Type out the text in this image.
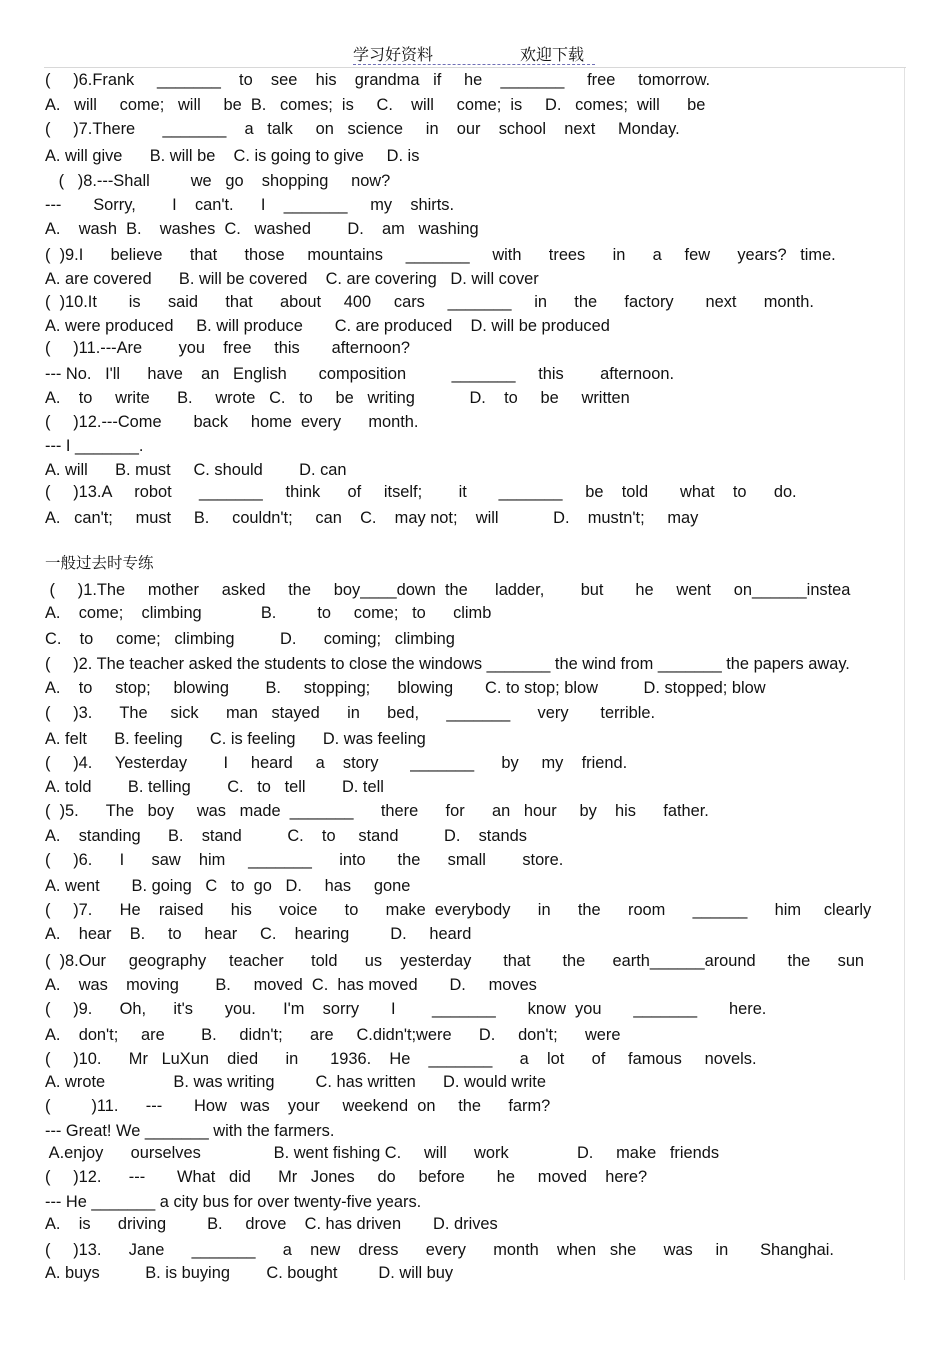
学习好资料	欢迎下载
(     )6.Frank     _______    to    see    his    grandma   if     he    _______     free     tomorrow.
A.   will     come;   will     be  B.   comes;  is     C.    will     come;  is     D.   comes;  will      be
(     )7.There      _______    a   talk     on   science     in    our    school    next     Monday.
A. will give      B. will be    C. is going to give     D. is
(   )8.---Shall         we   go    shopping     now?
---       Sorry,        I    can't.      I    _______     my    shirts.
A.    wash  B.    washes  C.   washed        D.    am   washing
(  )9.I      believe      that      those     mountains     _______     with      trees      in      a     few      years?   time.
A. are covered      B. will be covered    C. are covering   D. will cover
(  )10.It       is      said      that      about     400     cars     _______     in      the      factory       next      month.
A. were produced     B. will produce       C. are produced    D. will be produced
(     )11.---Are        you    free     this       afternoon?
--- No.   I'll      have    an   English       composition          _______     this        afternoon.
A.    to     write      B.     wrote   C.   to     be   writing            D.    to     be     written
(     )12.---Come       back     home  every      month.
--- I _______.
A. will      B. must     C. should        D. can
(     )13.A     robot      _______     think      of     itself;        it       _______     be    told       what    to      do.
A.   can't;     must     B.     couldn't;     can    C.    may not;    will            D.    mustn't;     may
一般过去时专练
(     )1.The     mother     asked     the     boy____down  the      ladder,        but       he     went     on______instea
A.    come;    climbing             B.         to     come;   to      climb
C.    to     come;   climbing          D.      coming;   climbing
(     )2. The teacher asked the students to close the windows _______ the wind from _______ the papers away.
A.    to     stop;     blowing        B.     stopping;      blowing       C. to stop; blow          D. stopped; blow
(     )3.      The     sick      man   stayed      in      bed,      _______      very       terrible.
A. felt      B. feeling      C. is feeling      D. was feeling
(     )4.     Yesterday        I     heard     a    story       _______      by     my    friend.
A. told        B. telling        C.   to   tell        D. tell
(  )5.      The   boy     was   made  _______      there      for      an   hour     by    his      father.
A.    standing      B.    stand          C.    to     stand          D.    stands
(     )6.      I      saw    him     _______      into       the      small        store.
A. went       B. going   C   to  go   D.     has     gone
(     )7.      He    raised      his      voice      to      make  everybody      in      the      room      ______      him     clearly
A.    hear    B.     to     hear     C.    hearing         D.     heard
(  )8.Our     geography     teacher      told      us    yesterday       that       the      earth______around       the      sun
A.    was    moving        B.     moved  C.  has moved       D.     moves
(     )9.      Oh,      it's       you.      I'm    sorry       I        _______       know  you       _______       here.
A.    don't;     are        B.     didn't;      are     C.didn't;were      D.     don't;      were
(     )10.      Mr   LuXun    died      in       1936.    He    _______      a    lot      of     famous     novels.
A. wrote               B. was writing         C. has written      D. would write
(         )11.      ---       How   was    your     weekend  on     the      farm?
--- Great! We _______ with the farmers.
A.enjoy      ourselves                B. went fishing C.     will      work               D.     make   friends
(     )12.      ---       What   did      Mr   Jones     do     before       he     moved    here?
--- He _______ a city bus for over twenty-five years.
A.    is      driving         B.     drove    C. has driven       D. drives
(     )13.      Jane      _______      a    new    dress      every      month    when   she      was     in       Shanghai.
A. buys          B. is buying        C. bought         D. will buy
